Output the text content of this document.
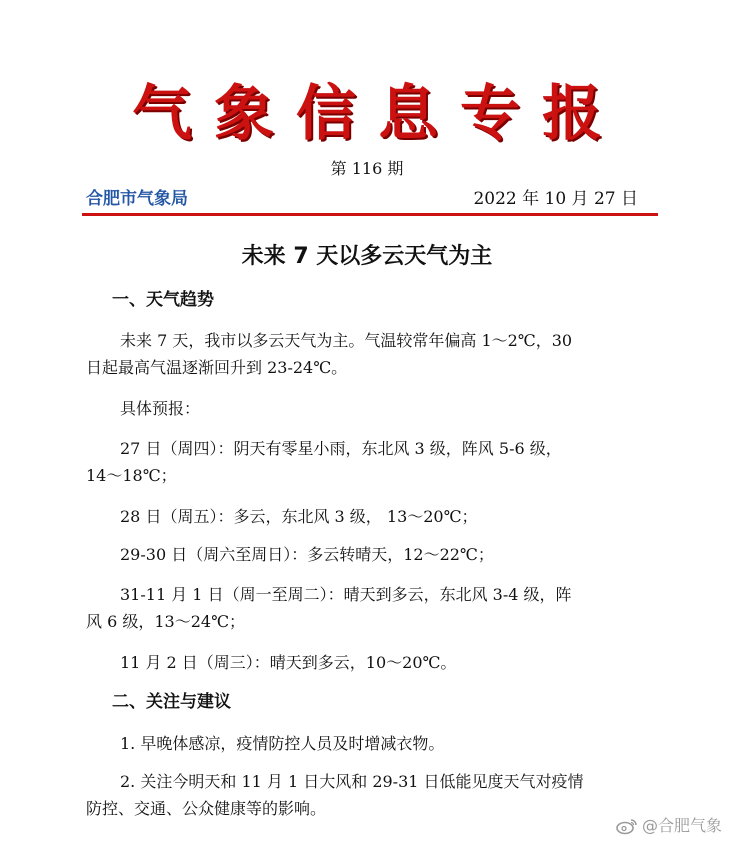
气象信息专报
第 116 期
合肥市气象局	2022 年 10 月 27 日
未来 7 天以多云天气为主
一、天气趋势
未来 7 天，我市以多云天气为主。气温较常年偏高 1～2℃，30
日起最高气温逐渐回升到 23-24℃。
具体预报：
27 日（周四）：阴天有零星小雨，东北风 3 级，阵风 5-6 级，
14～18℃；
28 日（周五）：多云，东北风 3 级， 13～20℃；
29-30 日（周六至周日）：多云转晴天，12～22℃；
31-11 月 1 日（周一至周二）：晴天到多云，东北风 3-4 级，阵
风 6 级，13～24℃；
11 月 2 日（周三）：晴天到多云，10～20℃。
二、关注与建议
1. 早晚体感凉，疫情防控人员及时增减衣物。
2. 关注今明天和 11 月 1 日大风和 29-31 日低能见度天气对疫情
防控、交通、公众健康等的影响。
@合肥气象
